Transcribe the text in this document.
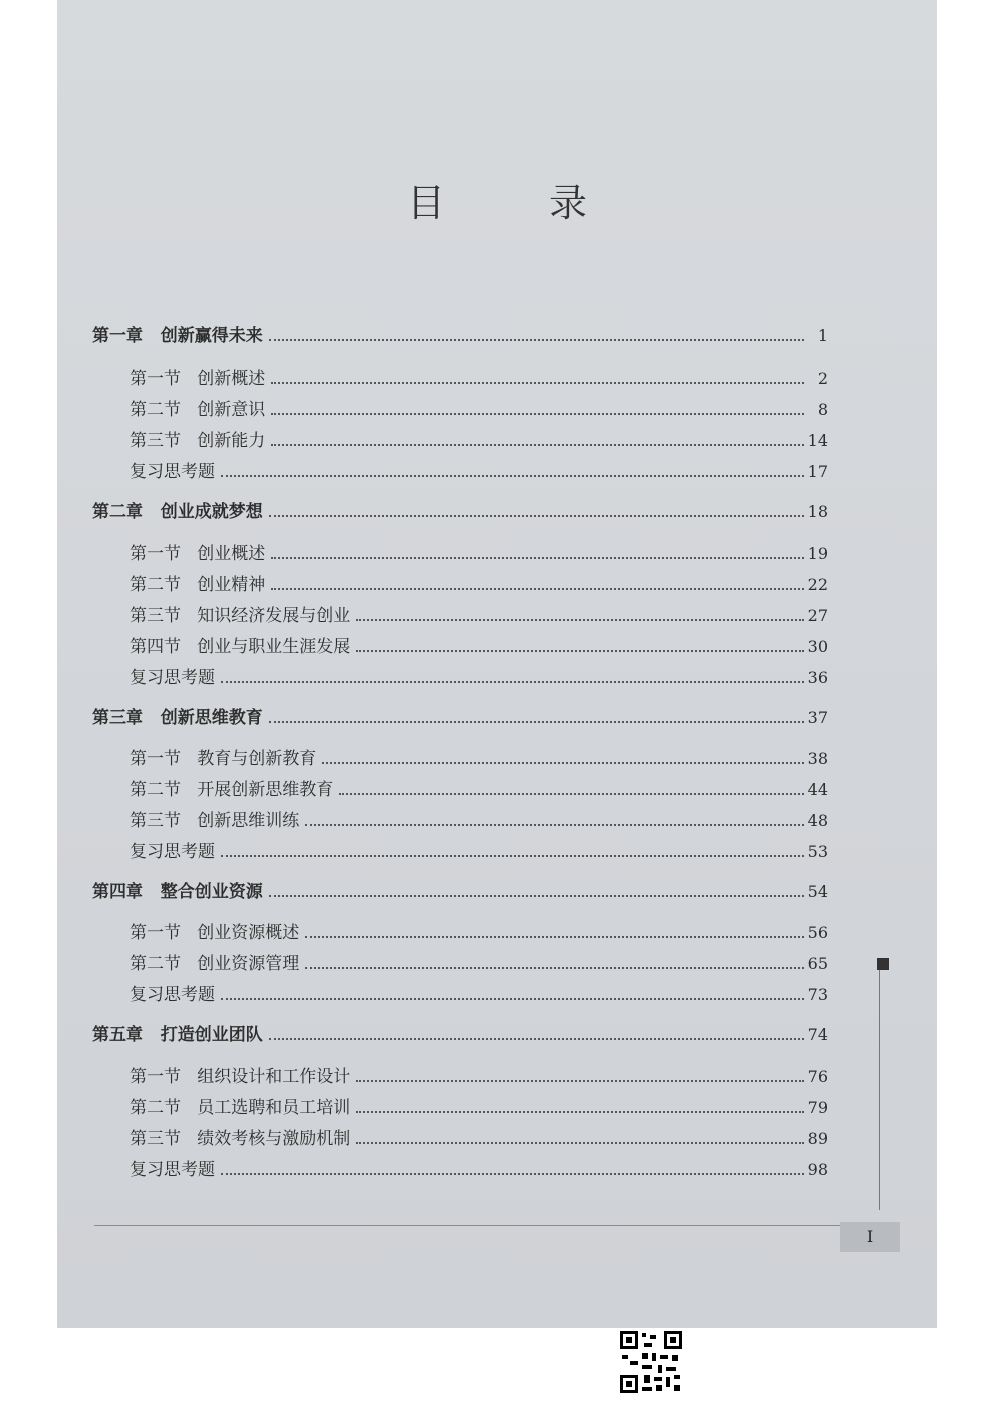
目	录
第一章   创新赢得未来	1
第一节   创新概述	2
第二节   创新意识	8
第三节   创新能力	14
复习思考题	17
第二章   创业成就梦想	18
第一节   创业概述	19
第二节   创业精神	22
第三节   知识经济发展与创业	27
第四节   创业与职业生涯发展	30
复习思考题	36
第三章   创新思维教育	37
第一节   教育与创新教育	38
第二节   开展创新思维教育	44
第三节   创新思维训练	48
复习思考题	53
第四章   整合创业资源	54
第一节   创业资源概述	56
第二节   创业资源管理	65
复习思考题	73
第五章   打造创业团队	74
第一节   组织设计和工作设计	76
第二节   员工选聘和员工培训	79
第三节   绩效考核与激励机制	89
复习思考题	98
I
